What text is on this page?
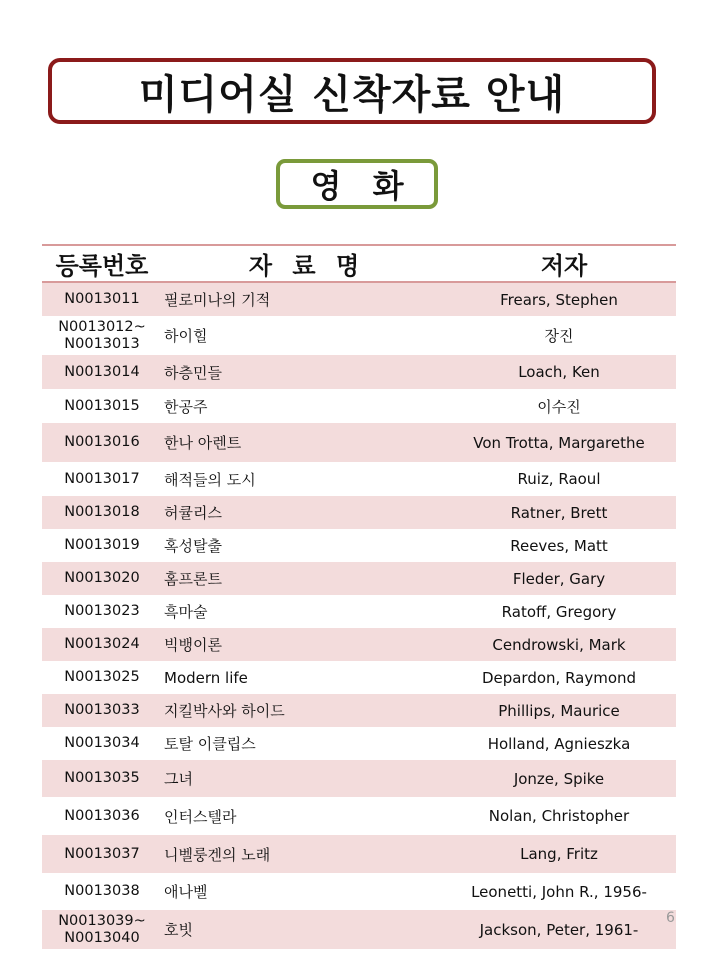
미디어실 신착자료 안내
영 화
등록번호	자 료 명	저자
N0013011	필로미나의 기적	Frears, Stephen
N0013012~
N0013013	하이힐	장진
N0013014	하층민들	Loach, Ken
N0013015	한공주	이수진
N0013016	한나 아렌트	Von Trotta, Margarethe
N0013017	해적들의 도시	Ruiz, Raoul
N0013018	허큘리스	Ratner, Brett
N0013019	혹성탈출	Reeves, Matt
N0013020	홈프론트	Fleder, Gary
N0013023	흑마술	Ratoff, Gregory
N0013024	빅뱅이론	Cendrowski, Mark
N0013025	Modern life	Depardon, Raymond
N0013033	지킬박사와 하이드	Phillips, Maurice
N0013034	토탈 이클립스	Holland, Agnieszka
N0013035	그녀	Jonze, Spike
N0013036	인터스텔라	Nolan, Christopher
N0013037	니벨룽겐의 노래	Lang, Fritz
N0013038	애나벨	Leonetti, John R., 1956-
N0013039~
N0013040	호빗	Jackson, Peter, 1961-
6
